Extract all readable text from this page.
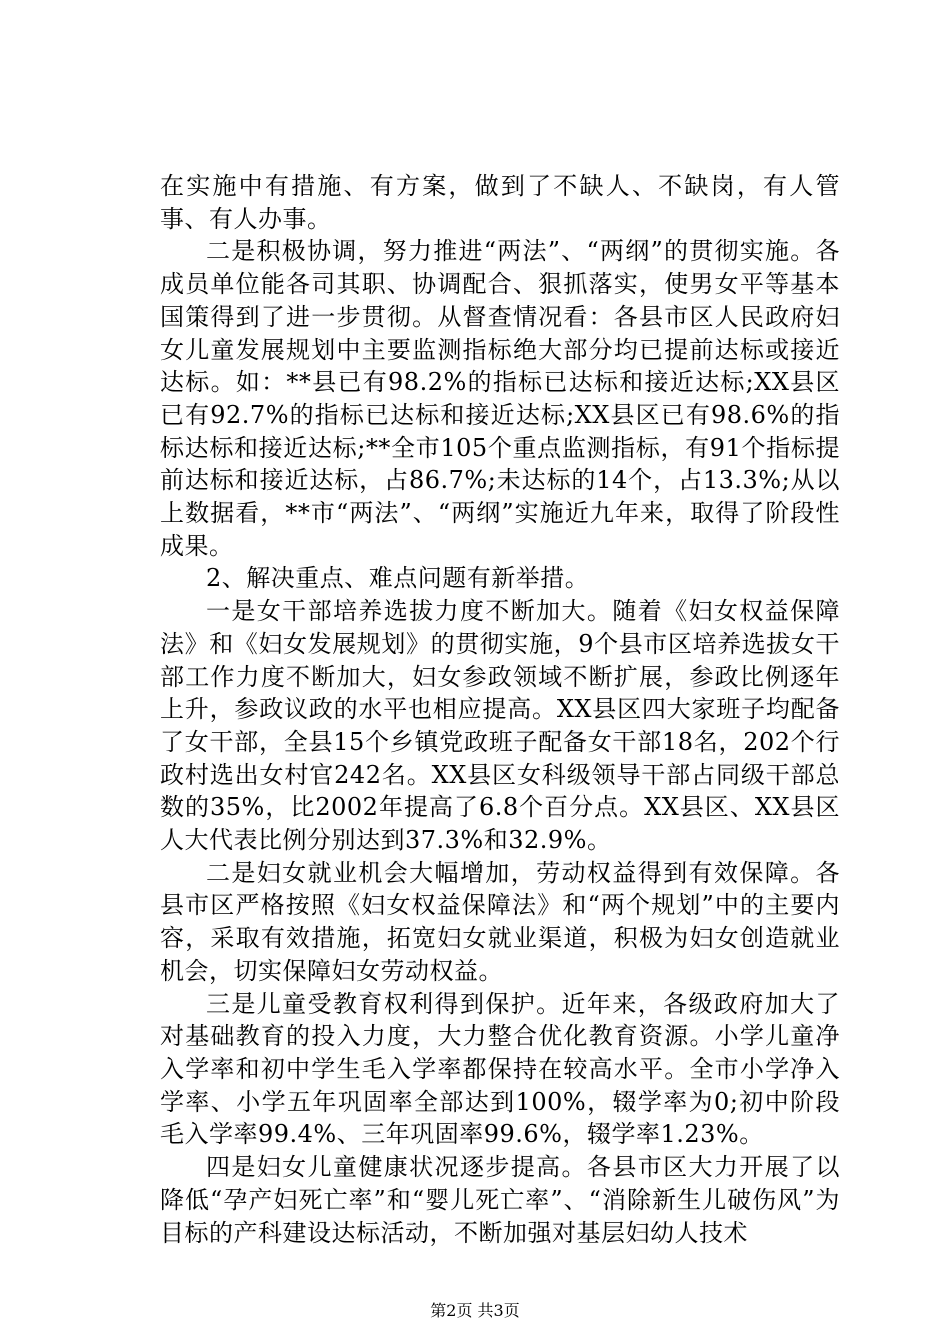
在实施中有措施、有方案，做到了不缺人、不缺岗，有人管事、有人办事。

二是积极协调，努力推进“两法”、“两纲”的贯彻实施。各成员单位能各司其职、协调配合、狠抓落实，使男女平等基本国策得到了进一步贯彻。从督查情况看：各县市区人民政府妇女儿童发展规划中主要监测指标绝大部分均已提前达标或接近达标。如：**县已有98.2%的指标已达标和接近达标;XX县区已有92.7%的指标已达标和接近达标;XX县区已有98.6%的指标达标和接近达标;**全市105个重点监测指标，有91个指标提前达标和接近达标，占86.7%;未达标的14个，占13.3%;从以上数据看，**市“两法”、“两纲”实施近九年来，取得了阶段性成果。

2、解决重点、难点问题有新举措。

一是女干部培养选拔力度不断加大。随着《妇女权益保障法》和《妇女发展规划》的贯彻实施，9个县市区培养选拔女干部工作力度不断加大，妇女参政领域不断扩展，参政比例逐年上升，参政议政的水平也相应提高。XX县区四大家班子均配备了女干部，全县15个乡镇党政班子配备女干部18名，202个行政村选出女村官242名。XX县区女科级领导干部占同级干部总数的35%，比2002年提高了6.8个百分点。XX县区、XX县区人大代表比例分别达到37.3%和32.9%。

二是妇女就业机会大幅增加，劳动权益得到有效保障。各县市区严格按照《妇女权益保障法》和“两个规划”中的主要内容，采取有效措施，拓宽妇女就业渠道，积极为妇女创造就业机会，切实保障妇女劳动权益。

三是儿童受教育权利得到保护。近年来，各级政府加大了对基础教育的投入力度，大力整合优化教育资源。小学儿童净入学率和初中学生毛入学率都保持在较高水平。全市小学净入学率、小学五年巩固率全部达到100%，辍学率为0;初中阶段毛入学率99.4%、三年巩固率99.6%，辍学率1.23%。

四是妇女儿童健康状况逐步提高。各县市区大力开展了以降低“孕产妇死亡率”和“婴儿死亡率”、“消除新生儿破伤风”为目标的产科建设达标活动，不断加强对基层妇幼人技术

第2页 共3页
